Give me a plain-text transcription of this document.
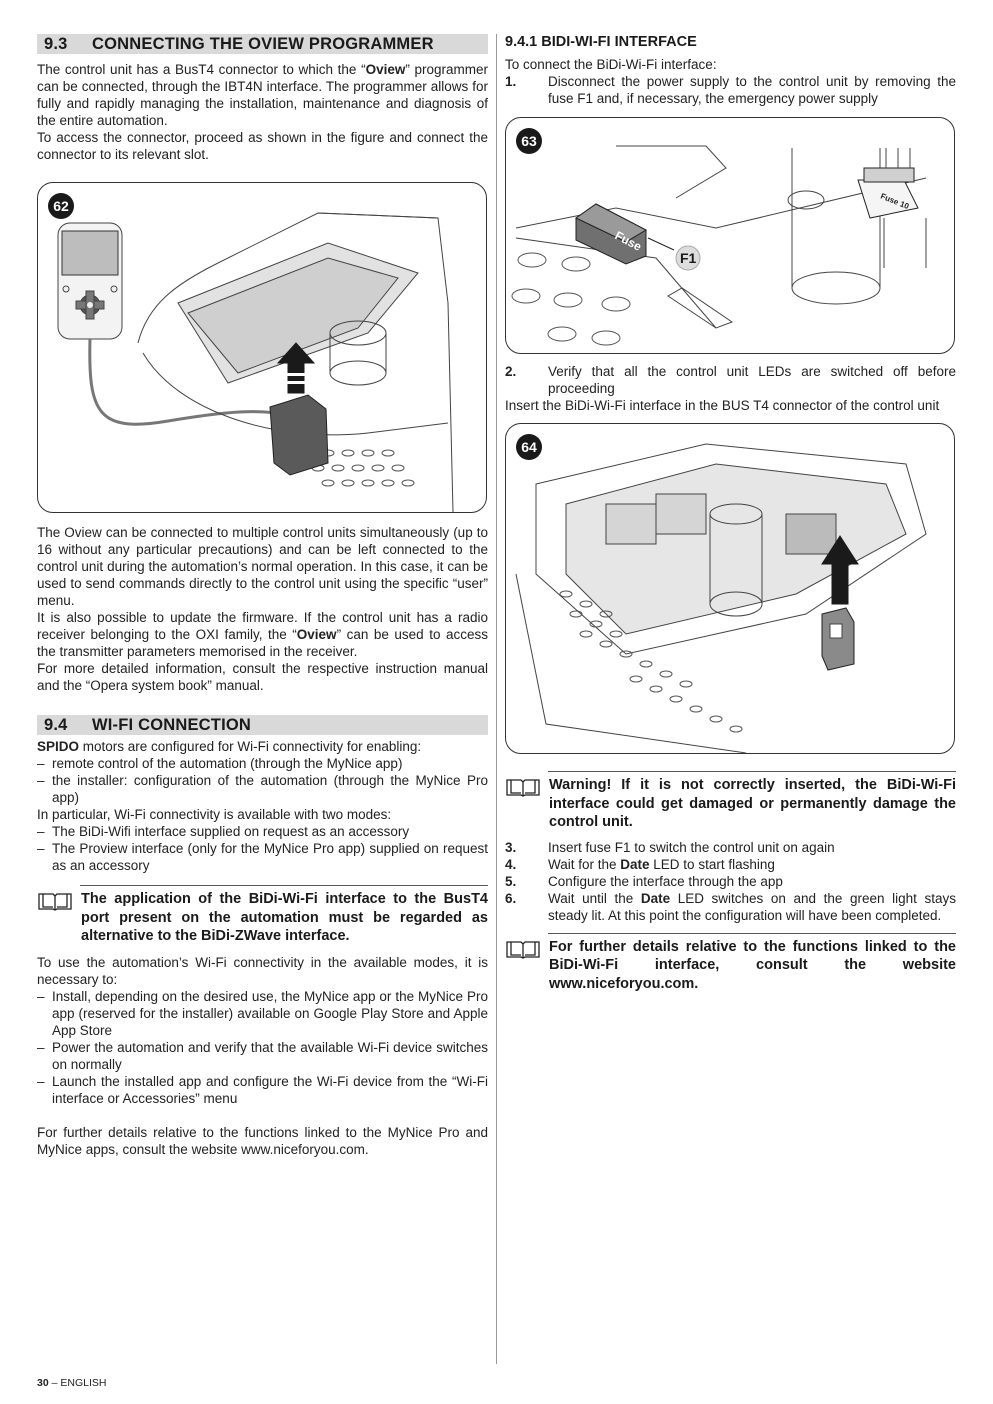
9.3	CONNECTING THE OVIEW PROGRAMMER

The control unit has a BusT4 connector to which the “Oview” programmer can be connected, through the IBT4N interface. The programmer allows for fully and rapidly managing the installation, maintenance and diagnosis of the entire automation.

To access the connector, proceed as shown in the figure and connect the connector to its relevant slot.

62

The Oview can be connected to multiple control units simultaneously (up to 16 without any particular precautions) and can be left connected to the control unit during the automation’s normal operation. In this case, it can be used to send commands directly to the control unit using the specific “user” menu.

It is also possible to update the firmware. If the control unit has a radio receiver belonging to the OXI family, the “Oview” can be used to access the transmitter parameters memorised in the receiver.

For more detailed information, consult the respective instruction manual and the “Opera system book” manual.

9.4	WI-FI CONNECTION

SPIDO motors are configured for Wi-Fi connectivity for enabling:

– remote control of the automation (through the MyNice app)
– the installer: configuration of the automation (through the MyNice Pro app)

In particular, Wi-Fi connectivity is available with two modes:

– The BiDi-Wifi interface supplied on request as an accessory
– The Proview interface (only for the MyNice Pro app) supplied on request as an accessory
The application of the BiDi-Wi-Fi interface to the BusT4 port present on the automation must be regarded as alternative to the BiDi-ZWave interface.

To use the automation’s Wi-Fi connectivity in the available modes, it is necessary to:

– Install, depending on the desired use, the MyNice app or the MyNice Pro app (reserved for the installer) available on Google Play Store and Apple App Store
– Power the automation and verify that the available Wi-Fi device switches on normally
– Launch the installed app and configure the Wi-Fi device from the “Wi-Fi interface or Accessories” menu

For further details relative to the functions linked to the MyNice Pro and MyNice apps, consult the website www.niceforyou.com.

9.4.1 BIDI-WI-FI INTERFACE

To connect the BiDi-Wi-Fi interface:

1.	Disconnect the power supply to the control unit by removing the fuse F1 and, if necessary, the emergency power supply
63
Fuse
F1
Fuse 10
2.	Verify that all the control unit LEDs are switched off before proceeding

Insert the BiDi-Wi-Fi interface in the BUS T4 connector of the control unit

64
Warning! If it is not correctly inserted, the BiDi-Wi-Fi interface could get damaged or permanently damage the control unit.
3.	Insert fuse F1 to switch the control unit on again
4.	Wait for the Date LED to start flashing
5.	Configure the interface through the app
6.	Wait until the Date LED switches on and the green light stays steady lit. At this point the configuration will have been completed.
For further details relative to the functions linked to the BiDi-Wi-Fi interface, consult the website www.niceforyou.com.
30 – ENGLISH
